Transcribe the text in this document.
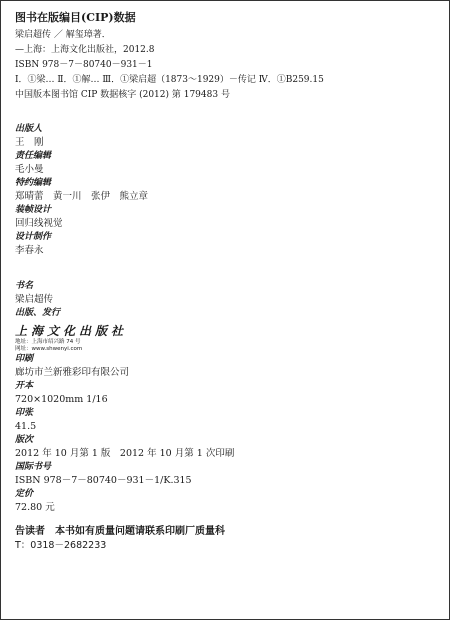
图书在版编目(CIP)数据
梁启超传 ／ 解玺璋著．
—上海：上海文化出版社，2012.8
ISBN 978－7－80740－931－1
Ⅰ．①梁… Ⅱ．①解… Ⅲ．①梁启超（1873～1929）－传记 Ⅳ．①B259.15
中国版本图书馆 CIP 数据核字 (2012) 第 179483 号
出版人
王　刚
责任编辑
毛小曼
特约编辑
郑晴蕾　黄一川　张伊　熊立章
装帧设计
回归线视觉
设计制作
李春永
书名
梁启超传
出版、发行
上海文化出版社
地址：上海市绍兴路 74 号
网址：www.shwenyi.com
印刷
廊坊市兰新雅彩印有限公司
开本
720×1020mm 1/16
印张
41.5
版次
2012 年 10 月第 1 版　2012 年 10 月第 1 次印刷
国际书号
ISBN 978－7－80740－931－1/K.315
定价
72.80 元
告读者 本书如有质量问题请联系印刷厂质量科
T：0318－2682233
